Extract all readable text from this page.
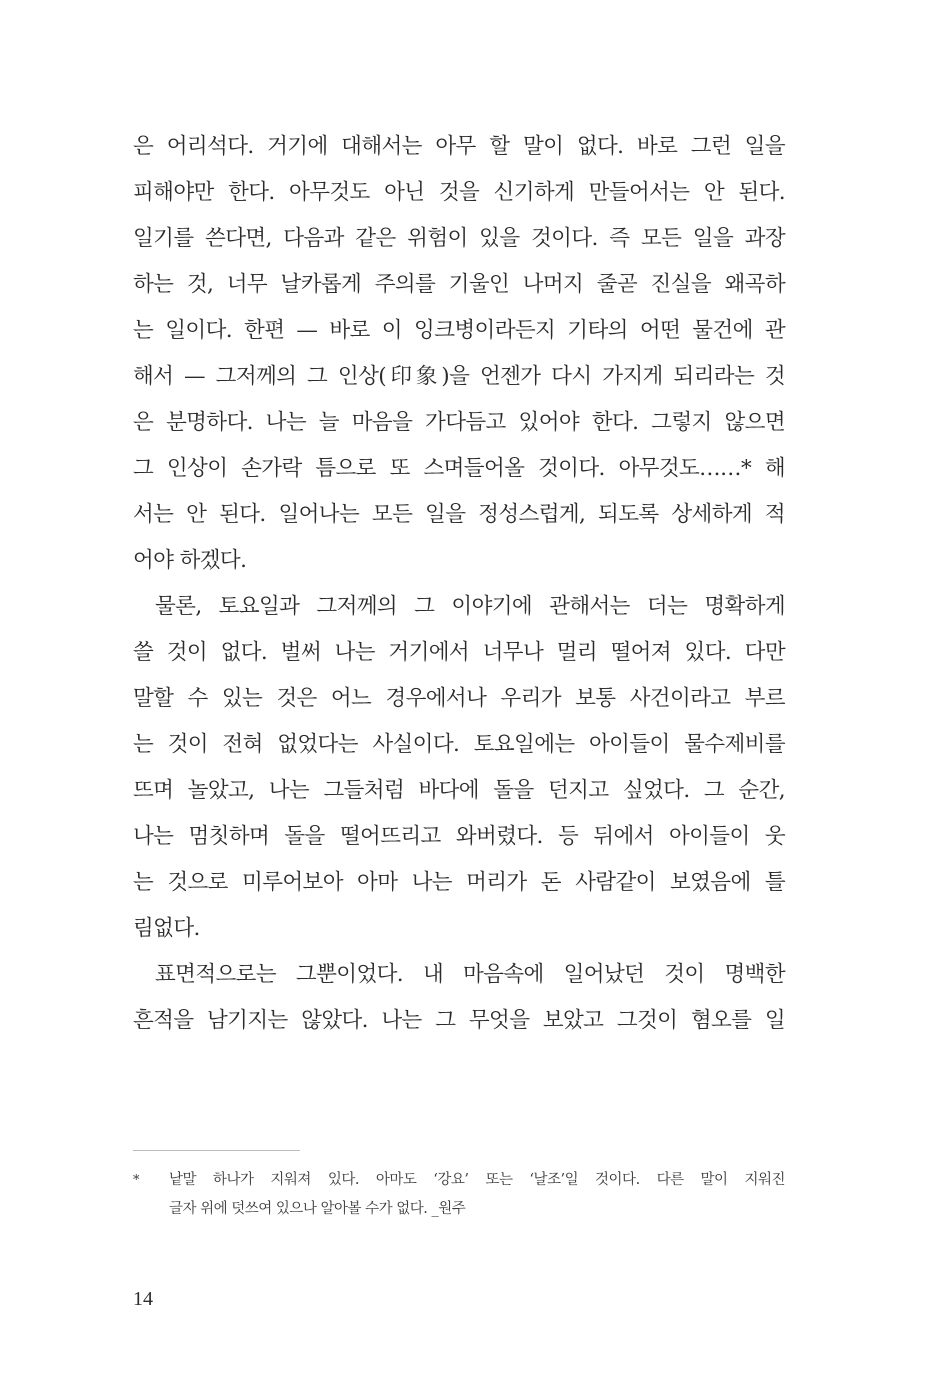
은 어리석다. 거기에 대해서는 아무 할 말이 없다. 바로 그런 일을
피해야만 한다. 아무것도 아닌 것을 신기하게 만들어서는 안 된다.
일기를 쓴다면, 다음과 같은 위험이 있을 것이다. 즉 모든 일을 과장
하는 것, 너무 날카롭게 주의를 기울인 나머지 줄곧 진실을 왜곡하
는 일이다. 한편 — 바로 이 잉크병이라든지 기타의 어떤 물건에 관
해서 — 그저께의 그 인상(印象)을 언젠가 다시 가지게 되리라는 것
은 분명하다. 나는 늘 마음을 가다듬고 있어야 한다. 그렇지 않으면
그 인상이 손가락 틈으로 또 스며들어올 것이다. 아무것도……* 해
서는 안 된다. 일어나는 모든 일을 정성스럽게, 되도록 상세하게 적
어야 하겠다.
물론, 토요일과 그저께의 그 이야기에 관해서는 더는 명확하게
쓸 것이 없다. 벌써 나는 거기에서 너무나 멀리 떨어져 있다. 다만
말할 수 있는 것은 어느 경우에서나 우리가 보통 사건이라고 부르
는 것이 전혀 없었다는 사실이다. 토요일에는 아이들이 물수제비를
뜨며 놀았고, 나는 그들처럼 바다에 돌을 던지고 싶었다. 그 순간,
나는 멈칫하며 돌을 떨어뜨리고 와버렸다. 등 뒤에서 아이들이 웃
는 것으로 미루어보아 아마 나는 머리가 돈 사람같이 보였음에 틀
림없다.
표면적으로는 그뿐이었다. 내 마음속에 일어났던 것이 명백한
흔적을 남기지는 않았다. 나는 그 무엇을 보았고 그것이 혐오를 일
*	낱말 하나가 지워져 있다. 아마도 ‘강요’ 또는 ‘날조’일 것이다. 다른 말이 지워진
글자 위에 덧쓰여 있으나 알아볼 수가 없다. _원주
14
